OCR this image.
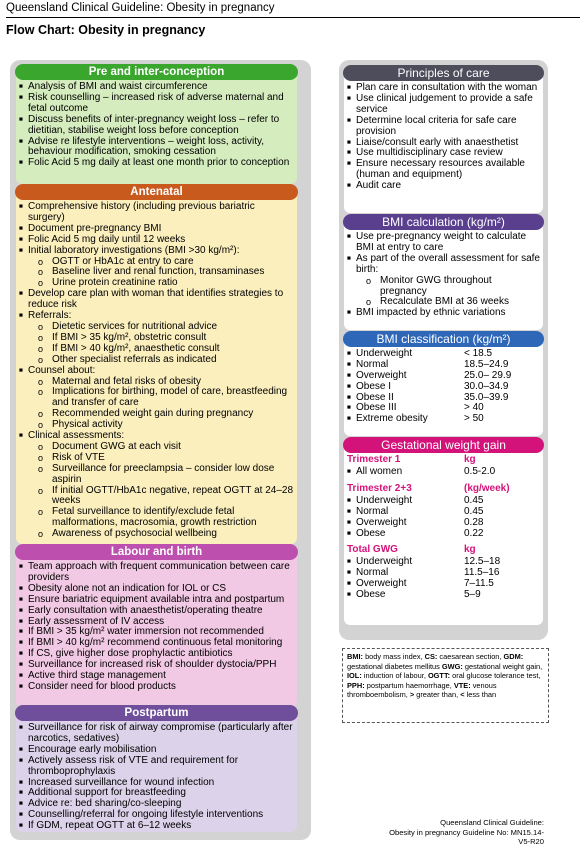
Queensland Clinical Guideline: Obesity in pregnancy
Flow Chart: Obesity in pregnancy
Pre and inter-conception
■ Analysis of BMI and waist circumference
■ Risk counselling – increased risk of adverse maternal and fetal outcome
■ Discuss benefits of inter-pregnancy weight loss – refer to dietitian, stabilise weight loss before conception
■ Advise re lifestyle interventions – weight loss, activity, behaviour modification, smoking cessation
■ Folic Acid 5 mg daily at least one month prior to conception
Antenatal
■ Comprehensive history (including previous bariatric surgery)
■ Document pre-pregnancy BMI
■ Folic Acid 5 mg daily until 12 weeks
■ Initial laboratory investigations (BMI >30 kg/m²):
o OGTT or HbA1c at entry to care
o Baseline liver and renal function, transaminases
o Urine protein creatinine ratio
■ Develop care plan with woman that identifies strategies to reduce risk
■ Referrals:
o Dietetic services for nutritional advice
o If BMI > 35 kg/m², obstetric consult
o If BMI > 40 kg/m², anaesthetic consult
o Other specialist referrals as indicated
■ Counsel about:
o Maternal and fetal risks of obesity
o Implications for birthing, model of care, breastfeeding and transfer of care
o Recommended weight gain during pregnancy
o Physical activity
■ Clinical assessments:
o Document GWG at each visit
o Risk of VTE
o Surveillance for preeclampsia – consider low dose aspirin
o If initial OGTT/HbA1c negative, repeat OGTT at 24–28 weeks
o Fetal surveillance to identify/exclude fetal malformations, macrosomia, growth restriction
o Awareness of psychosocial wellbeing
Labour and birth
■ Team approach with frequent communication between care providers
■ Obesity alone not an indication for IOL or CS
■ Ensure bariatric equipment available intra and postpartum
■ Early consultation with anaesthetist/operating theatre
■ Early assessment of IV access
■ If BMI > 35 kg/m² water immersion not recommended
■ If BMI > 40 kg/m² recommend continuous fetal monitoring
■ If CS, give higher dose prophylactic antibiotics
■ Surveillance for increased risk of shoulder dystocia/PPH
■ Active third stage management
■ Consider need for blood products
Postpartum
■ Surveillance for risk of airway compromise (particularly after narcotics, sedatives)
■ Encourage early mobilisation
■ Actively assess risk of VTE and requirement for thromboprophylaxis
■ Increased surveillance for wound infection
■ Additional support for breastfeeding
■ Advice re: bed sharing/co-sleeping
■ Counselling/referral for ongoing lifestyle interventions
■ If GDM, repeat OGTT at 6–12 weeks
Principles of care
■ Plan care in consultation with the woman
■ Use clinical judgement to provide a safe service
■ Determine local criteria for safe care provision
■ Liaise/consult early with anaesthetist
■ Use multidisciplinary case review
■ Ensure necessary resources available (human and equipment)
■ Audit care
BMI calculation (kg/m²)
■ Use pre-pregnancy weight to calculate BMI at entry to care
■ As part of the overall assessment for safe birth:
o Monitor GWG throughout pregnancy
o Recalculate BMI at 36 weeks
■ BMI impacted by ethnic variations
BMI classification (kg/m²)
■ Underweight	< 18.5
■ Normal	18.5–24.9
■ Overweight	25.0– 29.9
■ Obese I	30.0–34.9
■ Obese II	35.0–39.9
■ Obese III	> 40
■ Extreme obesity	> 50
Gestational weight gain
Trimester 1	kg
■ All women	0.5-2.0
Trimester 2+3	(kg/week)
■ Underweight	0.45
■ Normal	0.45
■ Overweight	0.28
■ Obese	0.22
Total GWG	kg
■ Underweight	12.5–18
■ Normal	11.5–16
■ Overweight	7–11.5
■ Obese	5–9
BMI: body mass index, CS: caesarean section, GDM: gestational diabetes mellitus GWG: gestational weight gain, IOL: induction of labour, OGTT: oral glucose tolerance test, PPH: postpartum haemorrhage, VTE: venous thromboembolism, > greater than, < less than
Queensland Clinical Guideline:
Obesity in pregnancy Guideline No: MN15.14-V5-R20
